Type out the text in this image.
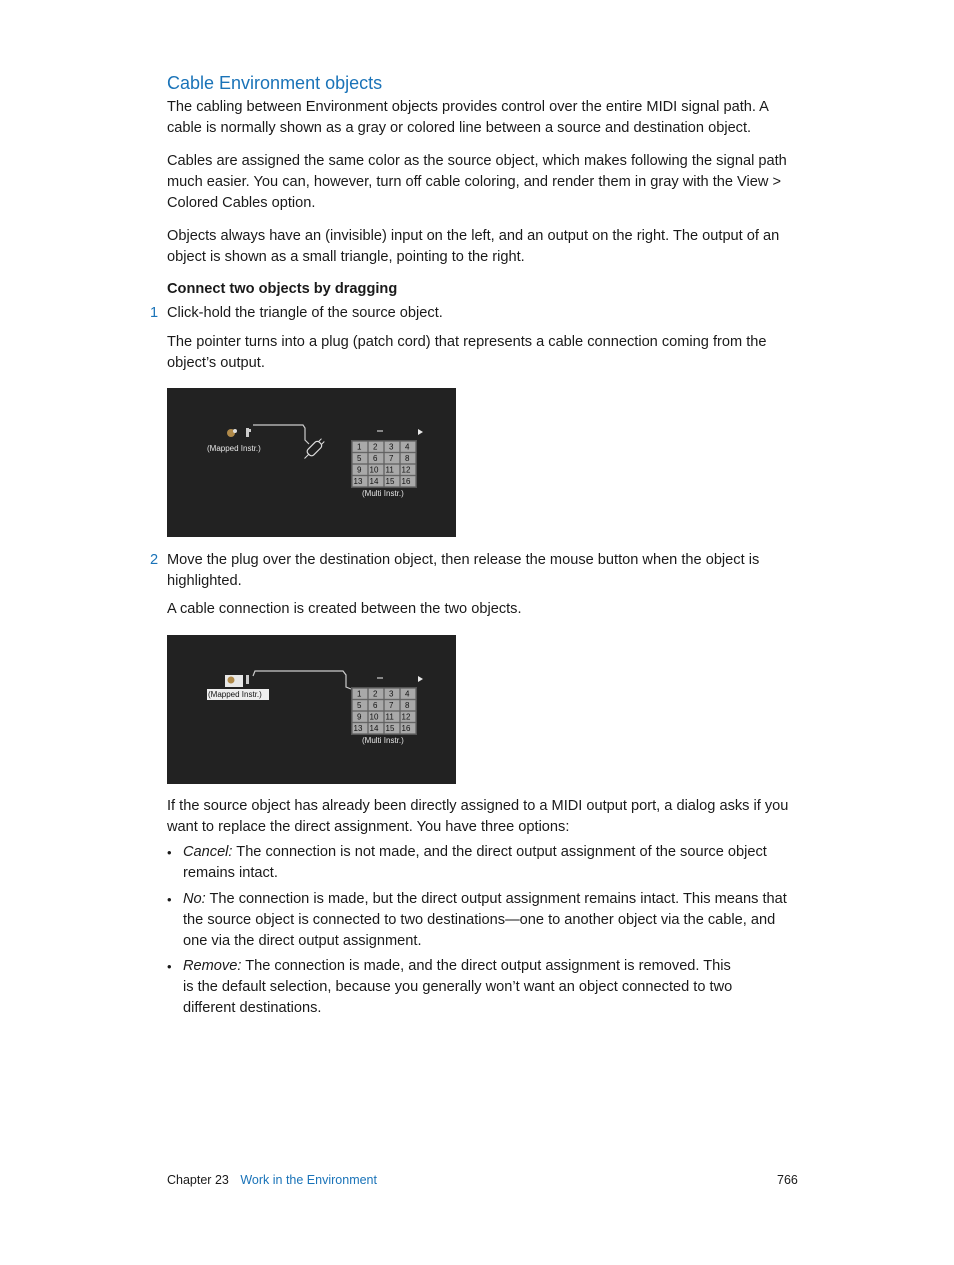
Cable Environment objects

The cabling between Environment objects provides control over the entire MIDI signal path. A cable is normally shown as a gray or colored line between a source and destination object.

Cables are assigned the same color as the source object, which makes following the signal path much easier. You can, however, turn off cable coloring, and render them in gray with the View > Colored Cables option.

Objects always have an (invisible) input on the left, and an output on the right. The output of an object is shown as a small triangle, pointing to the right.

Connect two objects by dragging
1 Click-hold the triangle of the source object.

The pointer turns into a plug (patch cord) that represents a cable connection coming from the object’s output.

(Mapped Instr.)	1 2 3 4
5 6 7 8
9 10 11 12
13 14 15 16
(Multi Instr.)
2 Move the plug over the destination object, then release the mouse button when the object is highlighted.

A cable connection is created between the two objects.

(Mapped Instr.)	1 2 3 4
5 6 7 8
9 10 11 12
13 14 15 16
(Multi Instr.)

If the source object has already been directly assigned to a MIDI output port, a dialog asks if you want to replace the direct assignment. You have three options:

• Cancel: The connection is not made, and the direct output assignment of the source object remains intact.

• No: The connection is made, but the direct output assignment remains intact. This means that the source object is connected to two destinations—one to another object via the cable, and one via the direct output assignment.

• Remove: The connection is made, and the direct output assignment is removed. This is the default selection, because you generally won’t want an object connected to two different destinations.

Chapter 23 Work in the Environment	766
